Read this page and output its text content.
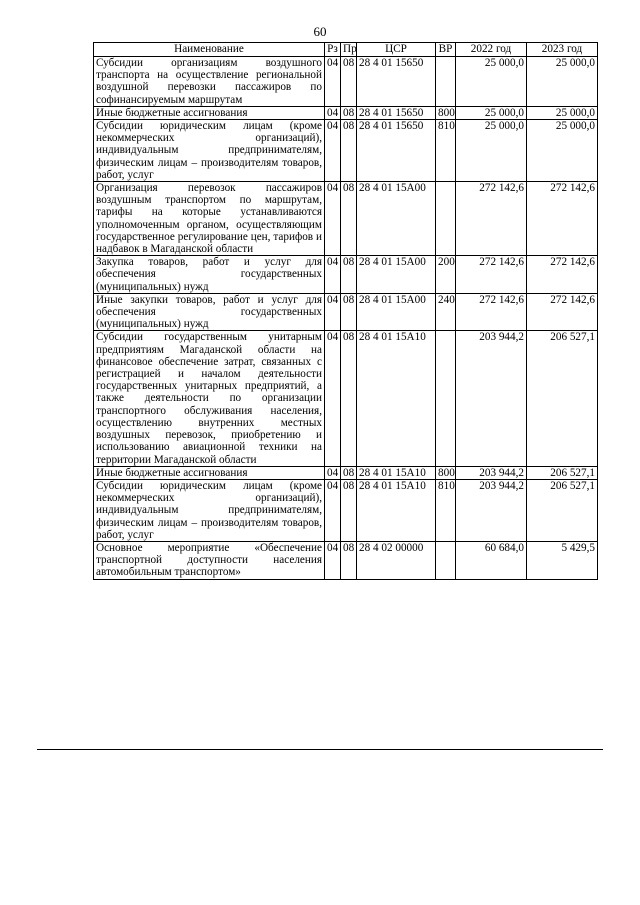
60
Наименование	Рз	Пр	ЦСР	ВР	2022 год	2023 год
Субсидии организациям воздушного транспорта на осуществление региональной воздушной перевозки пассажиров по софинансируемым маршрутам	04	08	28 4 01 15650		25 000,0	25 000,0
Иные бюджетные ассигнования	04	08	28 4 01 15650	800	25 000,0	25 000,0
Субсидии юридическим лицам (кроме некоммерческих организаций), индивидуальным предпринимателям, физическим лицам – производителям товаров, работ, услуг	04	08	28 4 01 15650	810	25 000,0	25 000,0
Организация перевозок пассажиров воздушным транспортом по маршрутам, тарифы на которые устанавливаются уполномоченным органом, осуществляющим государственное регулирование цен, тарифов и надбавок в Магаданской области	04	08	28 4 01 15А00		272 142,6	272 142,6
Закупка товаров, работ и услуг для обеспечения государственных (муниципальных) нужд	04	08	28 4 01 15А00	200	272 142,6	272 142,6
Иные закупки товаров, работ и услуг для обеспечения государственных (муниципальных) нужд	04	08	28 4 01 15А00	240	272 142,6	272 142,6
Субсидии государственным унитарным предприятиям Магаданской области на финансовое обеспечение затрат, связанных с регистрацией и началом деятельности государственных унитарных предприятий, а также деятельности по организации транспортного обслуживания населения, осуществлению внутренних местных воздушных перевозок, приобретению и использованию авиационной техники на территории Магаданской области	04	08	28 4 01 15А10		203 944,2	206 527,1
Иные бюджетные ассигнования	04	08	28 4 01 15А10	800	203 944,2	206 527,1
Субсидии юридическим лицам (кроме некоммерческих организаций), индивидуальным предпринимателям, физическим лицам – производителям товаров, работ, услуг	04	08	28 4 01 15А10	810	203 944,2	206 527,1
Основное мероприятие «Обеспечение транспортной доступности населения автомобильным транспортом»	04	08	28 4 02 00000		60 684,0	5 429,5
